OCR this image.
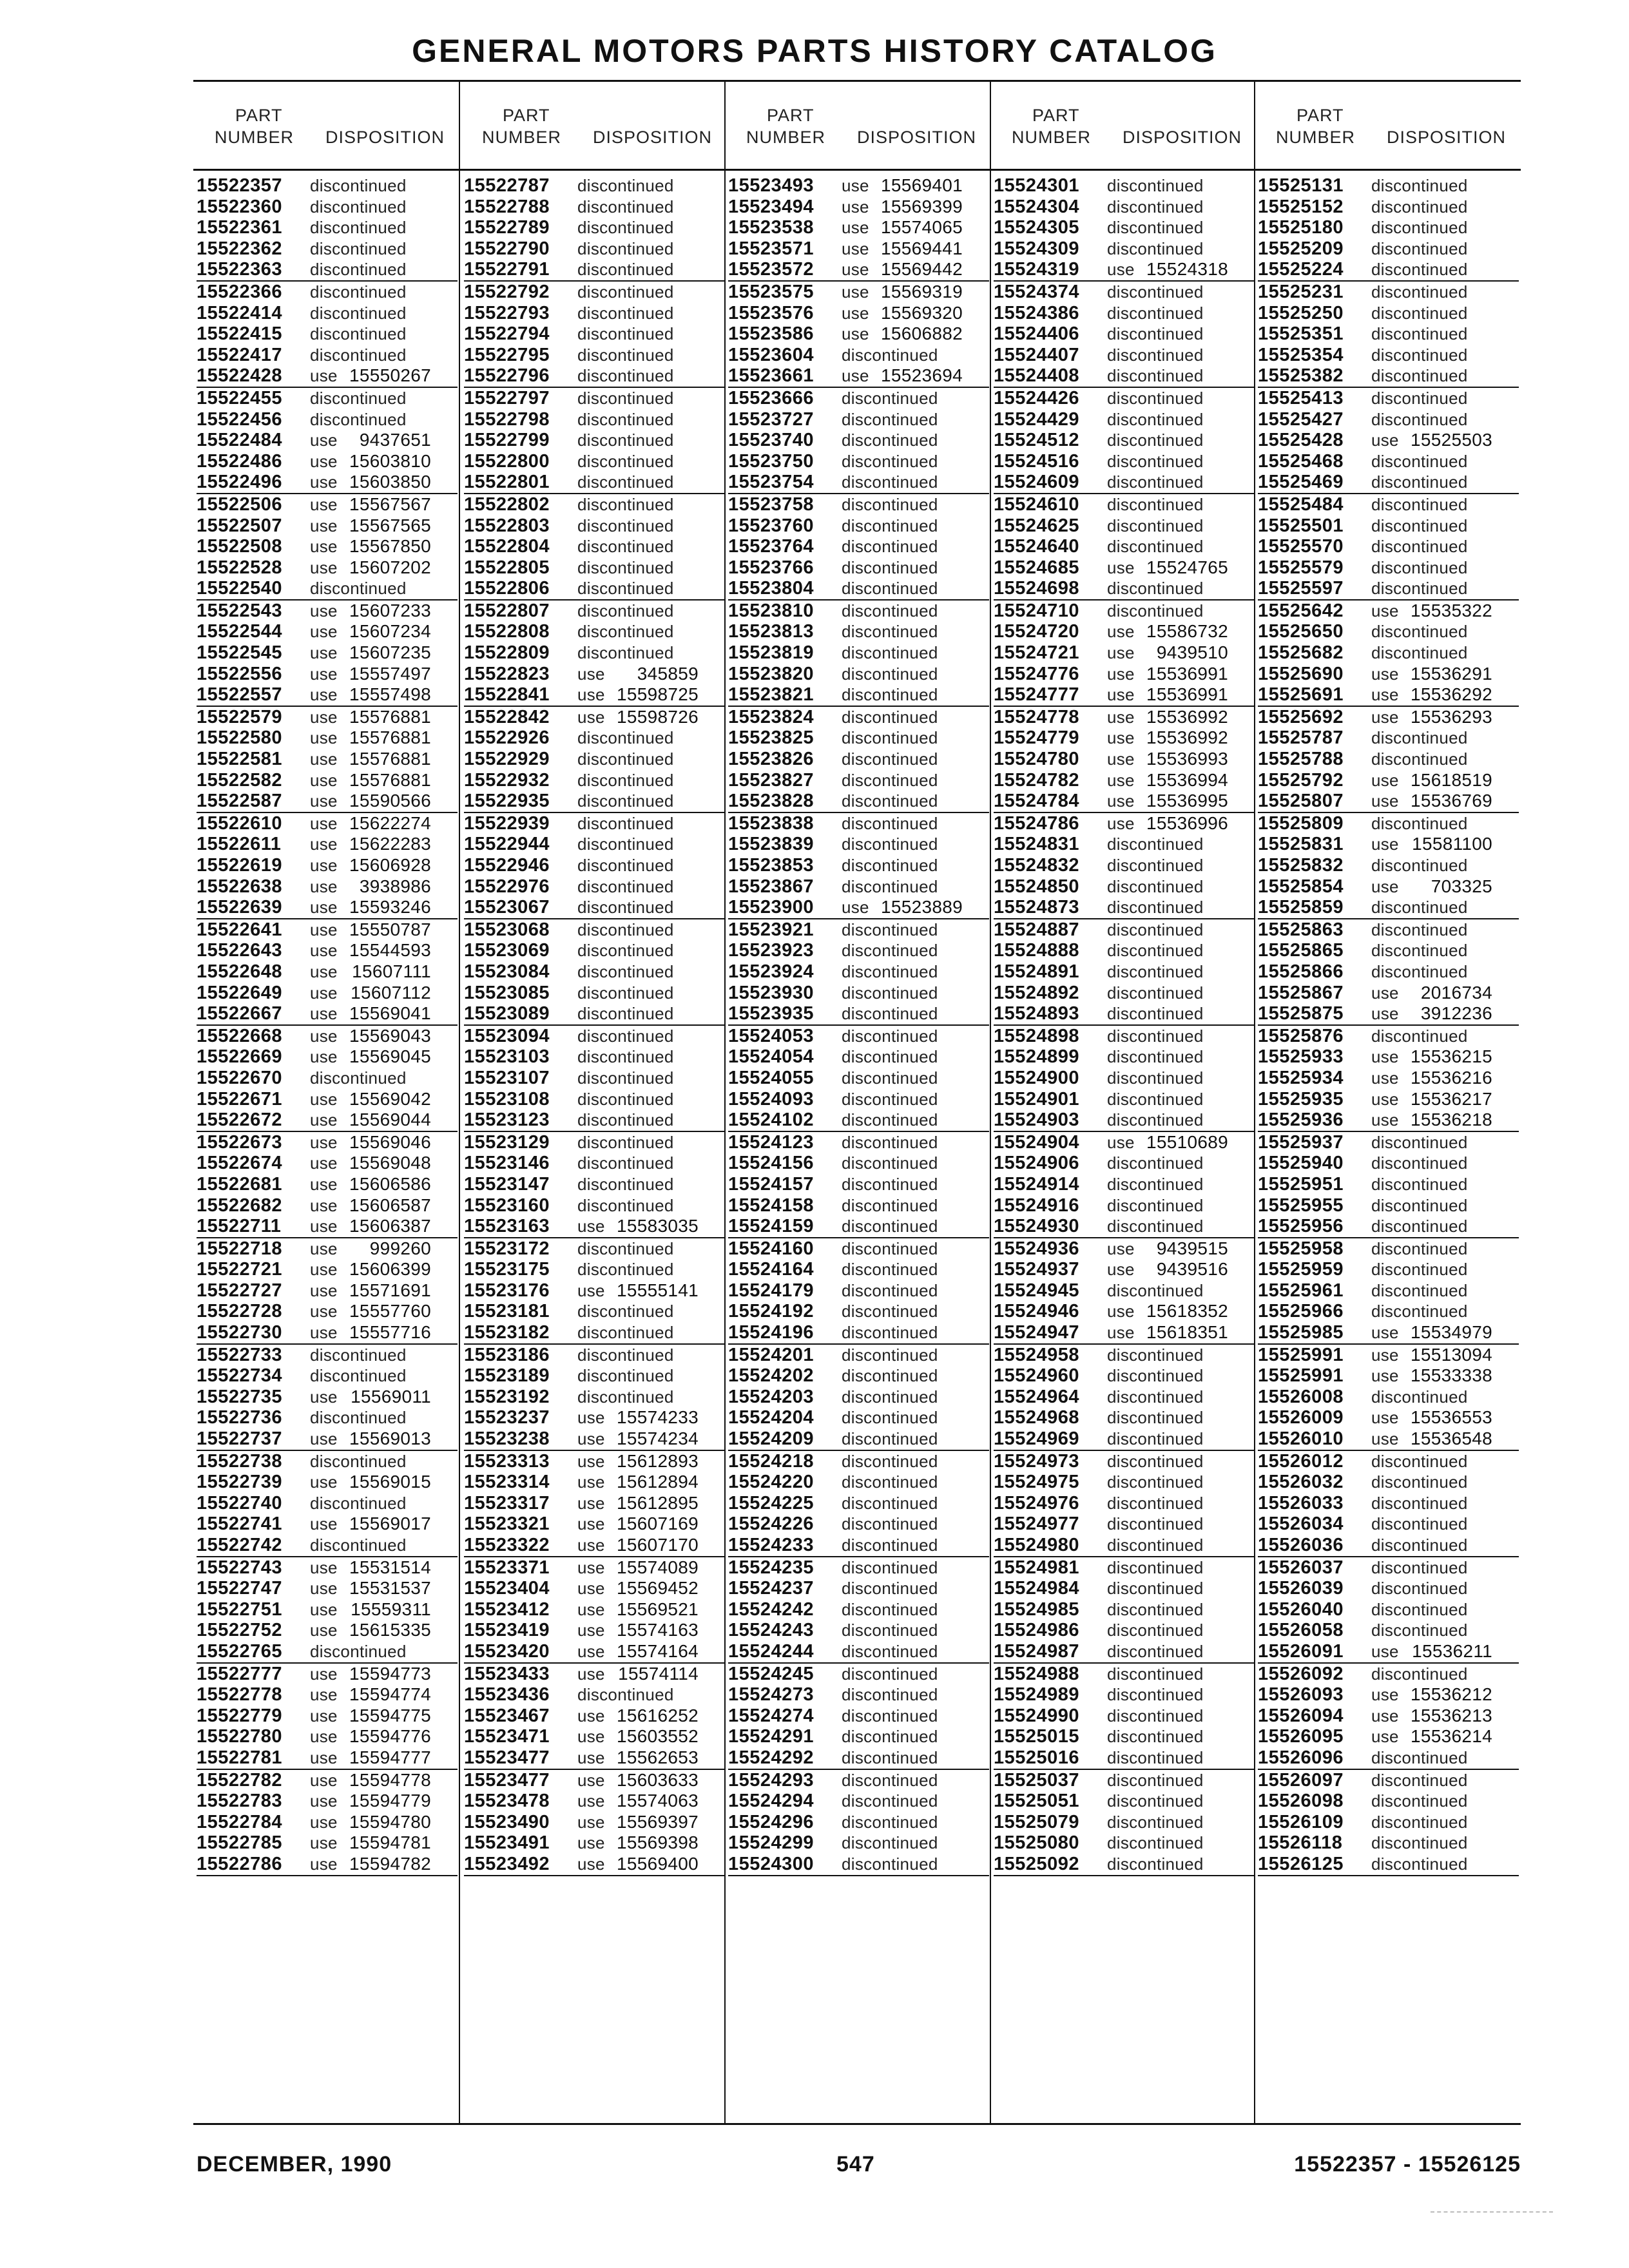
GENERAL MOTORS PARTS HISTORY CATALOG
PART
NUMBER DISPOSITION
PART
NUMBER DISPOSITION
PART
NUMBER DISPOSITION
PART
NUMBER DISPOSITION
PART
NUMBER DISPOSITION
15522357 discontinued
15522360 discontinued
15522361 discontinued
15522362 discontinued
15522363 discontinued
15522366 discontinued
15522414 discontinued
15522415 discontinued
15522417 discontinued
15522428 use 15550267
15522455 discontinued
15522456 discontinued
15522484 use 9437651
15522486 use 15603810
15522496 use 15603850
15522506 use 15567567
15522507 use 15567565
15522508 use 15567850
15522528 use 15607202
15522540 discontinued
15522543 use 15607233
15522544 use 15607234
15522545 use 15607235
15522556 use 15557497
15522557 use 15557498
15522579 use 15576881
15522580 use 15576881
15522581 use 15576881
15522582 use 15576881
15522587 use 15590566
15522610 use 15622274
15522611 use 15622283
15522619 use 15606928
15522638 use 3938986
15522639 use 15593246
15522641 use 15550787
15522643 use 15544593
15522648 use 15607111
15522649 use 15607112
15522667 use 15569041
15522668 use 15569043
15522669 use 15569045
15522670 discontinued
15522671 use 15569042
15522672 use 15569044
15522673 use 15569046
15522674 use 15569048
15522681 use 15606586
15522682 use 15606587
15522711 use 15606387
15522718 use 999260
15522721 use 15606399
15522727 use 15571691
15522728 use 15557760
15522730 use 15557716
15522733 discontinued
15522734 discontinued
15522735 use 15569011
15522736 discontinued
15522737 use 15569013
15522738 discontinued
15522739 use 15569015
15522740 discontinued
15522741 use 15569017
15522742 discontinued
15522743 use 15531514
15522747 use 15531537
15522751 use 15559311
15522752 use 15615335
15522765 discontinued
15522777 use 15594773
15522778 use 15594774
15522779 use 15594775
15522780 use 15594776
15522781 use 15594777
15522782 use 15594778
15522783 use 15594779
15522784 use 15594780
15522785 use 15594781
15522786 use 15594782
15522787 discontinued
15522788 discontinued
15522789 discontinued
15522790 discontinued
15522791 discontinued
15522792 discontinued
15522793 discontinued
15522794 discontinued
15522795 discontinued
15522796 discontinued
15522797 discontinued
15522798 discontinued
15522799 discontinued
15522800 discontinued
15522801 discontinued
15522802 discontinued
15522803 discontinued
15522804 discontinued
15522805 discontinued
15522806 discontinued
15522807 discontinued
15522808 discontinued
15522809 discontinued
15522823 use 345859
15522841 use 15598725
15522842 use 15598726
15522926 discontinued
15522929 discontinued
15522932 discontinued
15522935 discontinued
15522939 discontinued
15522944 discontinued
15522946 discontinued
15522976 discontinued
15523067 discontinued
15523068 discontinued
15523069 discontinued
15523084 discontinued
15523085 discontinued
15523089 discontinued
15523094 discontinued
15523103 discontinued
15523107 discontinued
15523108 discontinued
15523123 discontinued
15523129 discontinued
15523146 discontinued
15523147 discontinued
15523160 discontinued
15523163 use 15583035
15523172 discontinued
15523175 discontinued
15523176 use 15555141
15523181 discontinued
15523182 discontinued
15523186 discontinued
15523189 discontinued
15523192 discontinued
15523237 use 15574233
15523238 use 15574234
15523313 use 15612893
15523314 use 15612894
15523317 use 15612895
15523321 use 15607169
15523322 use 15607170
15523371 use 15574089
15523404 use 15569452
15523412 use 15569521
15523419 use 15574163
15523420 use 15574164
15523433 use 15574114
15523436 discontinued
15523467 use 15616252
15523471 use 15603552
15523477 use 15562653
15523477 use 15603633
15523478 use 15574063
15523490 use 15569397
15523491 use 15569398
15523492 use 15569400
15523493 use 15569401
15523494 use 15569399
15523538 use 15574065
15523571 use 15569441
15523572 use 15569442
15523575 use 15569319
15523576 use 15569320
15523586 use 15606882
15523604 discontinued
15523661 use 15523694
15523666 discontinued
15523727 discontinued
15523740 discontinued
15523750 discontinued
15523754 discontinued
15523758 discontinued
15523760 discontinued
15523764 discontinued
15523766 discontinued
15523804 discontinued
15523810 discontinued
15523813 discontinued
15523819 discontinued
15523820 discontinued
15523821 discontinued
15523824 discontinued
15523825 discontinued
15523826 discontinued
15523827 discontinued
15523828 discontinued
15523838 discontinued
15523839 discontinued
15523853 discontinued
15523867 discontinued
15523900 use 15523889
15523921 discontinued
15523923 discontinued
15523924 discontinued
15523930 discontinued
15523935 discontinued
15524053 discontinued
15524054 discontinued
15524055 discontinued
15524093 discontinued
15524102 discontinued
15524123 discontinued
15524156 discontinued
15524157 discontinued
15524158 discontinued
15524159 discontinued
15524160 discontinued
15524164 discontinued
15524179 discontinued
15524192 discontinued
15524196 discontinued
15524201 discontinued
15524202 discontinued
15524203 discontinued
15524204 discontinued
15524209 discontinued
15524218 discontinued
15524220 discontinued
15524225 discontinued
15524226 discontinued
15524233 discontinued
15524235 discontinued
15524237 discontinued
15524242 discontinued
15524243 discontinued
15524244 discontinued
15524245 discontinued
15524273 discontinued
15524274 discontinued
15524291 discontinued
15524292 discontinued
15524293 discontinued
15524294 discontinued
15524296 discontinued
15524299 discontinued
15524300 discontinued
15524301 discontinued
15524304 discontinued
15524305 discontinued
15524309 discontinued
15524319 use 15524318
15524374 discontinued
15524386 discontinued
15524406 discontinued
15524407 discontinued
15524408 discontinued
15524426 discontinued
15524429 discontinued
15524512 discontinued
15524516 discontinued
15524609 discontinued
15524610 discontinued
15524625 discontinued
15524640 discontinued
15524685 use 15524765
15524698 discontinued
15524710 discontinued
15524720 use 15586732
15524721 use 9439510
15524776 use 15536991
15524777 use 15536991
15524778 use 15536992
15524779 use 15536992
15524780 use 15536993
15524782 use 15536994
15524784 use 15536995
15524786 use 15536996
15524831 discontinued
15524832 discontinued
15524850 discontinued
15524873 discontinued
15524887 discontinued
15524888 discontinued
15524891 discontinued
15524892 discontinued
15524893 discontinued
15524898 discontinued
15524899 discontinued
15524900 discontinued
15524901 discontinued
15524903 discontinued
15524904 use 15510689
15524906 discontinued
15524914 discontinued
15524916 discontinued
15524930 discontinued
15524936 use 9439515
15524937 use 9439516
15524945 discontinued
15524946 use 15618352
15524947 use 15618351
15524958 discontinued
15524960 discontinued
15524964 discontinued
15524968 discontinued
15524969 discontinued
15524973 discontinued
15524975 discontinued
15524976 discontinued
15524977 discontinued
15524980 discontinued
15524981 discontinued
15524984 discontinued
15524985 discontinued
15524986 discontinued
15524987 discontinued
15524988 discontinued
15524989 discontinued
15524990 discontinued
15525015 discontinued
15525016 discontinued
15525037 discontinued
15525051 discontinued
15525079 discontinued
15525080 discontinued
15525092 discontinued
15525131 discontinued
15525152 discontinued
15525180 discontinued
15525209 discontinued
15525224 discontinued
15525231 discontinued
15525250 discontinued
15525351 discontinued
15525354 discontinued
15525382 discontinued
15525413 discontinued
15525427 discontinued
15525428 use 15525503
15525468 discontinued
15525469 discontinued
15525484 discontinued
15525501 discontinued
15525570 discontinued
15525579 discontinued
15525597 discontinued
15525642 use 15535322
15525650 discontinued
15525682 discontinued
15525690 use 15536291
15525691 use 15536292
15525692 use 15536293
15525787 discontinued
15525788 discontinued
15525792 use 15618519
15525807 use 15536769
15525809 discontinued
15525831 use 15581100
15525832 discontinued
15525854 use 703325
15525859 discontinued
15525863 discontinued
15525865 discontinued
15525866 discontinued
15525867 use 2016734
15525875 use 3912236
15525876 discontinued
15525933 use 15536215
15525934 use 15536216
15525935 use 15536217
15525936 use 15536218
15525937 discontinued
15525940 discontinued
15525951 discontinued
15525955 discontinued
15525956 discontinued
15525958 discontinued
15525959 discontinued
15525961 discontinued
15525966 discontinued
15525985 use 15534979
15525991 use 15513094
15525991 use 15533338
15526008 discontinued
15526009 use 15536553
15526010 use 15536548
15526012 discontinued
15526032 discontinued
15526033 discontinued
15526034 discontinued
15526036 discontinued
15526037 discontinued
15526039 discontinued
15526040 discontinued
15526058 discontinued
15526091 use 15536211
15526092 discontinued
15526093 use 15536212
15526094 use 15536213
15526095 use 15536214
15526096 discontinued
15526097 discontinued
15526098 discontinued
15526109 discontinued
15526118 discontinued
15526125 discontinued
DECEMBER, 1990	547	15522357 - 15526125
